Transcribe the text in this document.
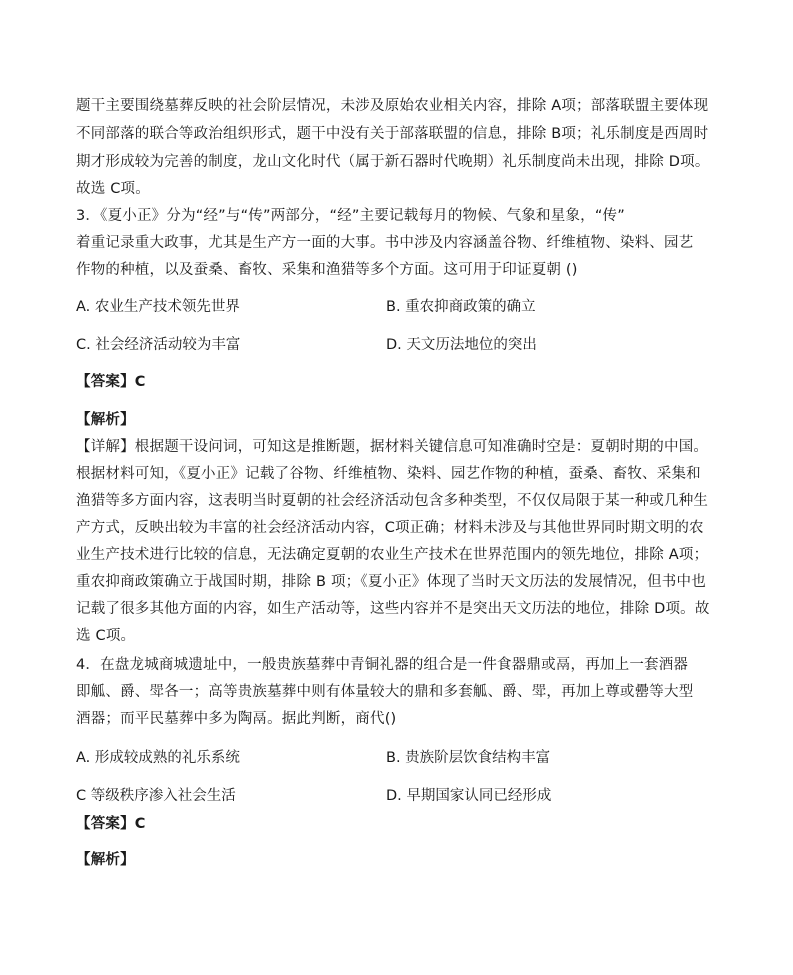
题干主要围绕墓葬反映的社会阶层情况，未涉及原始农业相关内容，排除 A项；部落联盟主要体现
不同部落的联合等政治组织形式，题干中没有关于部落联盟的信息，排除 B项；礼乐制度是西周时
期才形成较为完善的制度，龙山文化时代（属于新石器时代晚期）礼乐制度尚未出现，排除 D项。
故选 C项。
3．《夏小正》分为“经”与“传”两部分，“经”主要记载每月的物候、气象和星象，“传”
着重记录重大政事，尤其是生产方一面的大事。书中涉及内容涵盖谷物、纤维植物、染料、园艺
作物的种植，以及蚕桑、畜牧、采集和渔猎等多个方面。这可用于印证夏朝 ()
A. 农业生产技术领先世界	B. 重农抑商政策的确立
C. 社会经济活动较为丰富	D. 天文历法地位的突出
【答案】C
【解析】
【详解】根据题干设问词，可知这是推断题，据材料关键信息可知准确时空是：夏朝时期的中国。
根据材料可知，《夏小正》记载了谷物、纤维植物、染料、园艺作物的种植，蚕桑、畜牧、采集和
渔猎等多方面内容，这表明当时夏朝的社会经济活动包含多种类型，不仅仅局限于某一种或几种生
产方式，反映出较为丰富的社会经济活动内容，C项正确；材料未涉及与其他世界同时期文明的农
业生产技术进行比较的信息，无法确定夏朝的农业生产技术在世界范围内的领先地位，排除 A项；
重农抑商政策确立于战国时期，排除 B 项；《夏小正》体现了当时天文历法的发展情况，但书中也
记载了很多其他方面的内容，如生产活动等，这些内容并不是突出天文历法的地位，排除 D项。故
选 C项。
4．在盘龙城商城遗址中，一般贵族墓葬中青铜礼器的组合是一件食器鼎或鬲，再加上一套酒器
即觚、爵、斝各一；高等贵族墓葬中则有体量较大的鼎和多套觚、爵、斝，再加上尊或罍等大型
酒器；而平民墓葬中多为陶鬲。据此判断，商代()
A. 形成较成熟的礼乐系统	B. 贵族阶层饮食结构丰富
C 等级秩序渗入社会生活	D. 早期国家认同已经形成
【答案】C
【解析】
